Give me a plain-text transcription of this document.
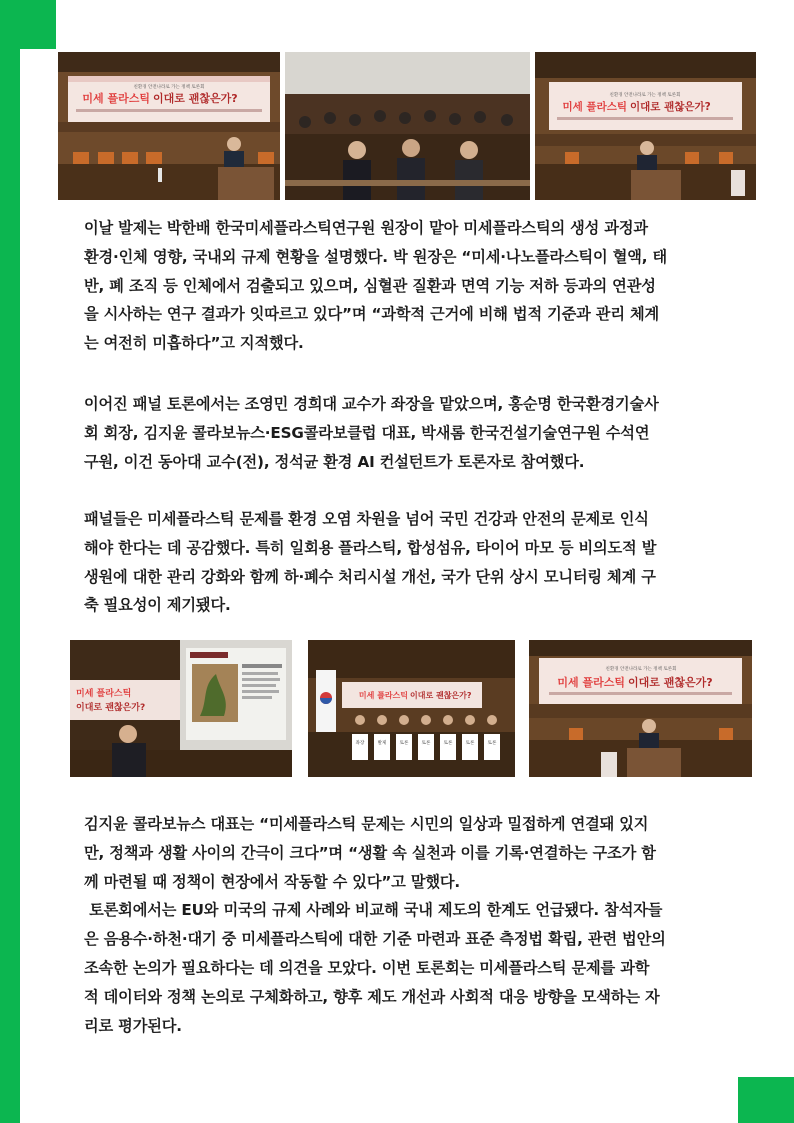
친환경 안전나라로 가는 정책 토론회
미세 플라스틱 이대로 괜찮은가?	친환경 안전나라로 가는 정책 토론회
미세 플라스틱 이대로 괜찮은가?
이날 발제는 박한배 한국미세플라스틱연구원 원장이 맡아 미세플라스틱의 생성 과정과
환경·인체 영향, 국내외 규제 현황을 설명했다. 박 원장은 “미세·나노플라스틱이 혈액, 태
반, 폐 조직 등 인체에서 검출되고 있으며, 심혈관 질환과 면역 기능 저하 등과의 연관성
을 시사하는 연구 결과가 잇따르고 있다”며 “과학적 근거에 비해 법적 기준과 관리 체계
는 여전히 미흡하다”고 지적했다.
이어진 패널 토론에서는 조영민 경희대 교수가 좌장을 맡았으며, 홍순명 한국환경기술사
회 회장, 김지윤 콜라보뉴스·ESG콜라보클럽 대표, 박새롬 한국건설기술연구원 수석연
구원, 이건 동아대 교수(전), 정석균 환경 AI 컨설턴트가 토론자로 참여했다.
패널들은 미세플라스틱 문제를 환경 오염 차원을 넘어 국민 건강과 안전의 문제로 인식
해야 한다는 데 공감했다. 특히 일회용 플라스틱, 합성섬유, 타이어 마모 등 비의도적 발
생원에 대한 관리 강화와 함께 하·폐수 처리시설 개선, 국가 단위 상시 모니터링 체계 구
축 필요성이 제기됐다.
미세 플라스틱
이대로 괜찮은가?
미세 플라스틱 이대로 괜찮은가?
좌장	발제	토론	토론	토론	토론	토론
친환경 안전나라로 가는 정책 토론회
미세 플라스틱 이대로 괜찮은가?
김지윤 콜라보뉴스 대표는 “미세플라스틱 문제는 시민의 일상과 밀접하게 연결돼 있지
만, 정책과 생활 사이의 간극이 크다”며 “생활 속 실천과 이를 기록·연결하는 구조가 함
께 마련될 때 정책이 현장에서 작동할 수 있다”고 말했다.
토론회에서는 EU와 미국의 규제 사례와 비교해 국내 제도의 한계도 언급됐다. 참석자들
은 음용수·하천·대기 중 미세플라스틱에 대한 기준 마련과 표준 측정법 확립, 관련 법안의
조속한 논의가 필요하다는 데 의견을 모았다. 이번 토론회는 미세플라스틱 문제를 과학
적 데이터와 정책 논의로 구체화하고, 향후 제도 개선과 사회적 대응 방향을 모색하는 자
리로 평가된다.
